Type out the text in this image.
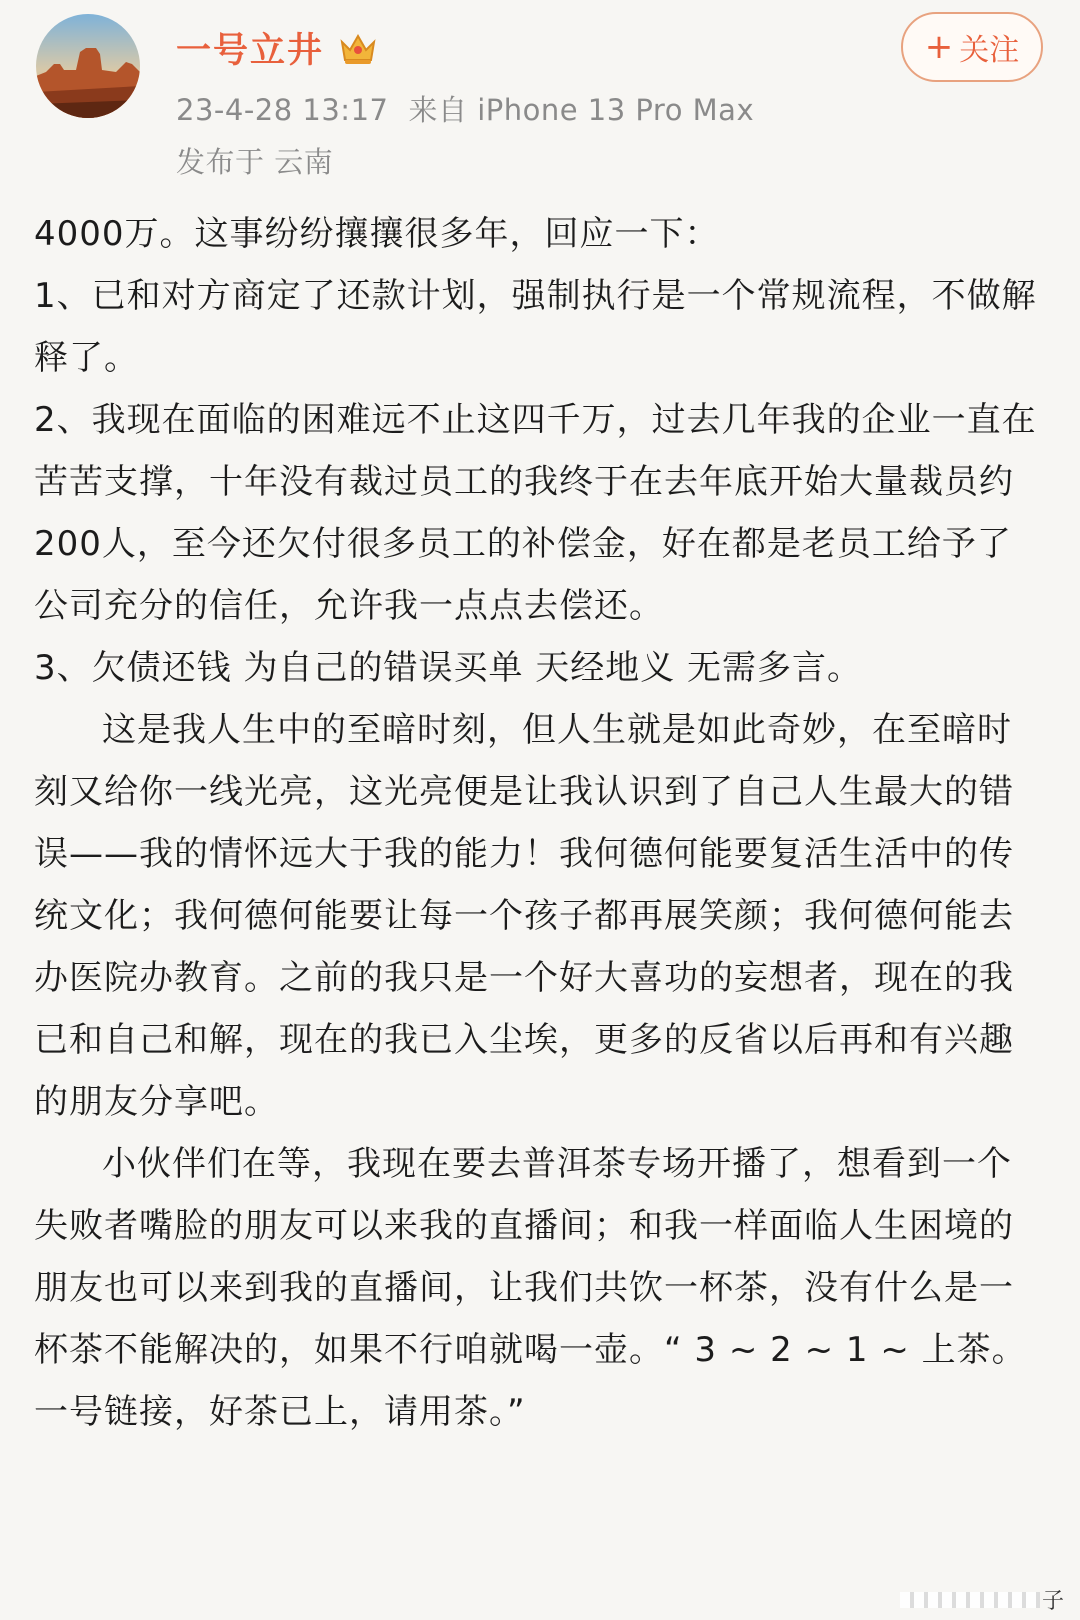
一号立井
23-4-28 13:17 来自 iPhone 13 Pro Max
发布于 云南
+ 关注

4000万。这事纷纷攘攘很多年，回应一下：

1、已和对方商定了还款计划，强制执行是一个常规流程，不做解释了。

2、我现在面临的困难远不止这四千万，过去几年我的企业一直在苦苦支撑，十年没有裁过员工的我终于在去年底开始大量裁员约200人，至今还欠付很多员工的补偿金，好在都是老员工给予了公司充分的信任，允许我一点点去偿还。

3、欠债还钱 为自己的错误买单 天经地义 无需多言。

这是我人生中的至暗时刻，但人生就是如此奇妙，在至暗时刻又给你一线光亮，这光亮便是让我认识到了自己人生最大的错误——我的情怀远大于我的能力！我何德何能要复活生活中的传统文化；我何德何能要让每一个孩子都再展笑颜；我何德何能去办医院办教育。之前的我只是一个好大喜功的妄想者，现在的我已和自己和解，现在的我已入尘埃，更多的反省以后再和有兴趣的朋友分享吧。

小伙伴们在等，我现在要去普洱茶专场开播了，想看到一个失败者嘴脸的朋友可以来我的直播间；和我一样面临人生困境的朋友也可以来到我的直播间，让我们共饮一杯茶，没有什么是一杯茶不能解决的，如果不行咱就喝一壶。“ 3 ~ 2 ~ 1 ~ 上茶。一号链接，好茶已上，请用茶。”

子
